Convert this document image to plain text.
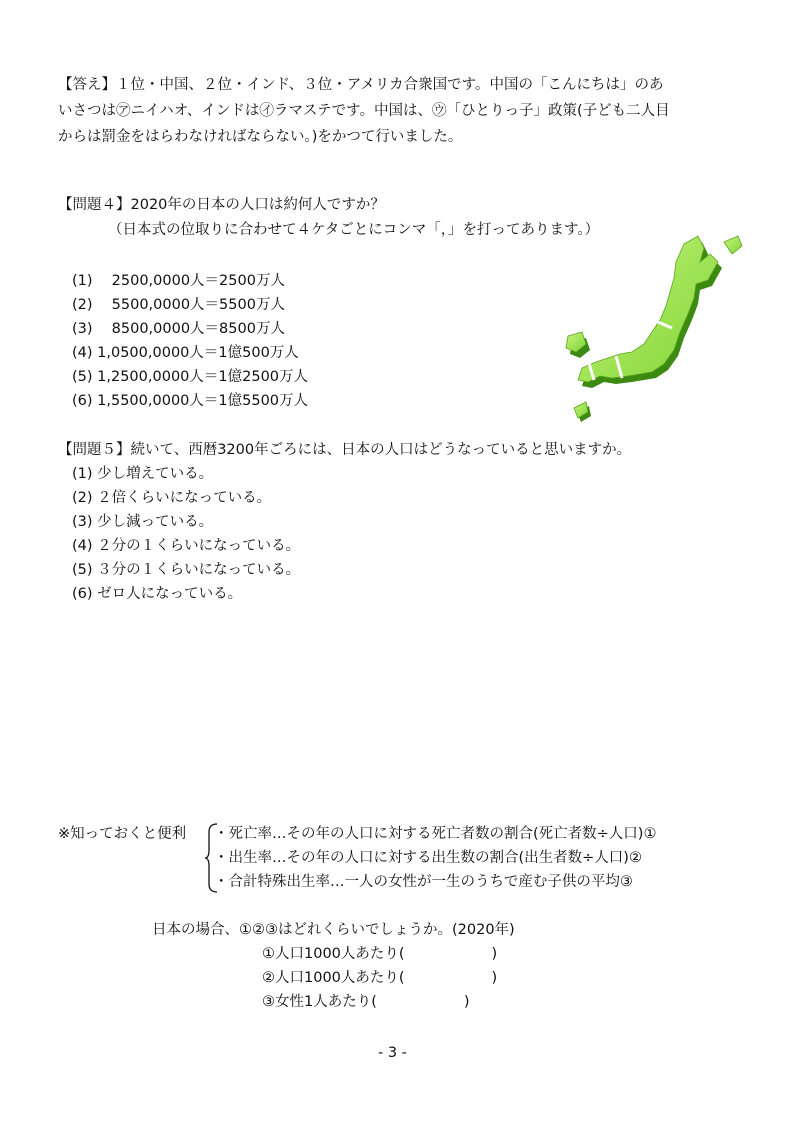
【答え】１位・中国、２位・インド、３位・アメリカ合衆国です。中国の「こんにちは」のあ
いさつは㋐ニイハオ、インドは㋑ラマステです。中国は、㋒「ひとりっ子」政策(子ども二人目
からは罰金をはらわなければならない。)をかつて行いました。
【問題４】2020年の日本の人口は約何人ですか？
（日本式の位取りに合わせて４ケタごとにコンマ「，」を打ってあります。）
(1)　 2500,0000人＝2500万人
(2)　 5500,0000人＝5500万人
(3)　 8500,0000人＝8500万人
(4) 1,0500,0000人＝1億500万人
(5) 1,2500,0000人＝1億2500万人
(6) 1,5500,0000人＝1億5500万人
【問題５】続いて、西暦3200年ごろには、日本の人口はどうなっていると思いますか。
(1) 少し増えている。
(2) ２倍くらいになっている。
(3) 少し減っている。
(4) ２分の１くらいになっている。
(5) ３分の１くらいになっている。
(6) ゼロ人になっている。
※知っておくと便利 ・死亡率…その年の人口に対する死亡者数の割合(死亡者数÷人口)①
・出生率…その年の人口に対する出生数の割合(出生者数÷人口)②
・合計特殊出生率…一人の女性が一生のうちで産む子供の平均③
日本の場合、①②③はどれくらいでしょうか。(2020年)
①人口1000人あたり(　　　　　　)
②人口1000人あたり(　　　　　　)
③女性1人あたり(　　　　　　)
- 3 -
